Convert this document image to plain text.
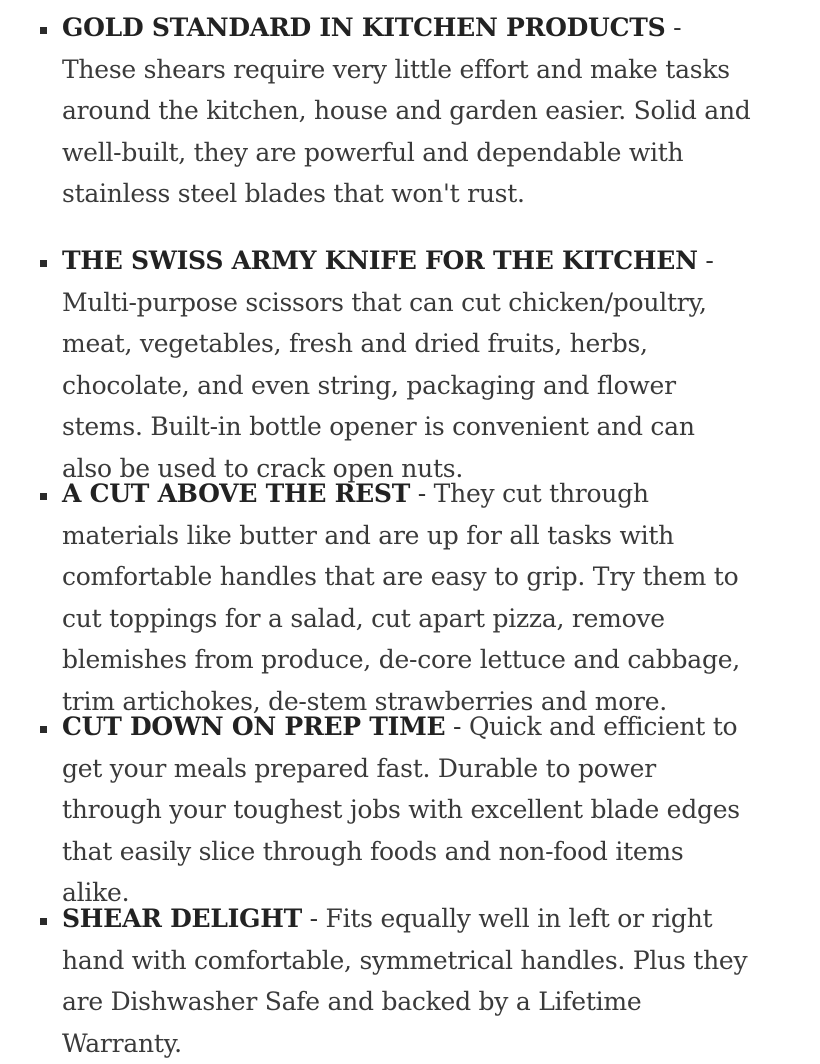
GOLD STANDARD IN KITCHEN PRODUCTS - These shears require very little effort and make tasks around the kitchen, house and garden easier. Solid and well-built, they are powerful and dependable with stainless steel blades that won't rust.
THE SWISS ARMY KNIFE FOR THE KITCHEN - Multi-purpose scissors that can cut chicken/poultry, meat, vegetables, fresh and dried fruits, herbs, chocolate, and even string, packaging and flower stems. Built-in bottle opener is convenient and can also be used to crack open nuts.
A CUT ABOVE THE REST - They cut through materials like butter and are up for all tasks with comfortable handles that are easy to grip. Try them to cut toppings for a salad, cut apart pizza, remove blemishes from produce, de-core lettuce and cabbage, trim artichokes, de-stem strawberries and more.
CUT DOWN ON PREP TIME - Quick and efficient to get your meals prepared fast. Durable to power through your toughest jobs with excellent blade edges that easily slice through foods and non-food items alike.
SHEAR DELIGHT - Fits equally well in left or right hand with comfortable, symmetrical handles. Plus they are Dishwasher Safe and backed by a Lifetime Warranty.
